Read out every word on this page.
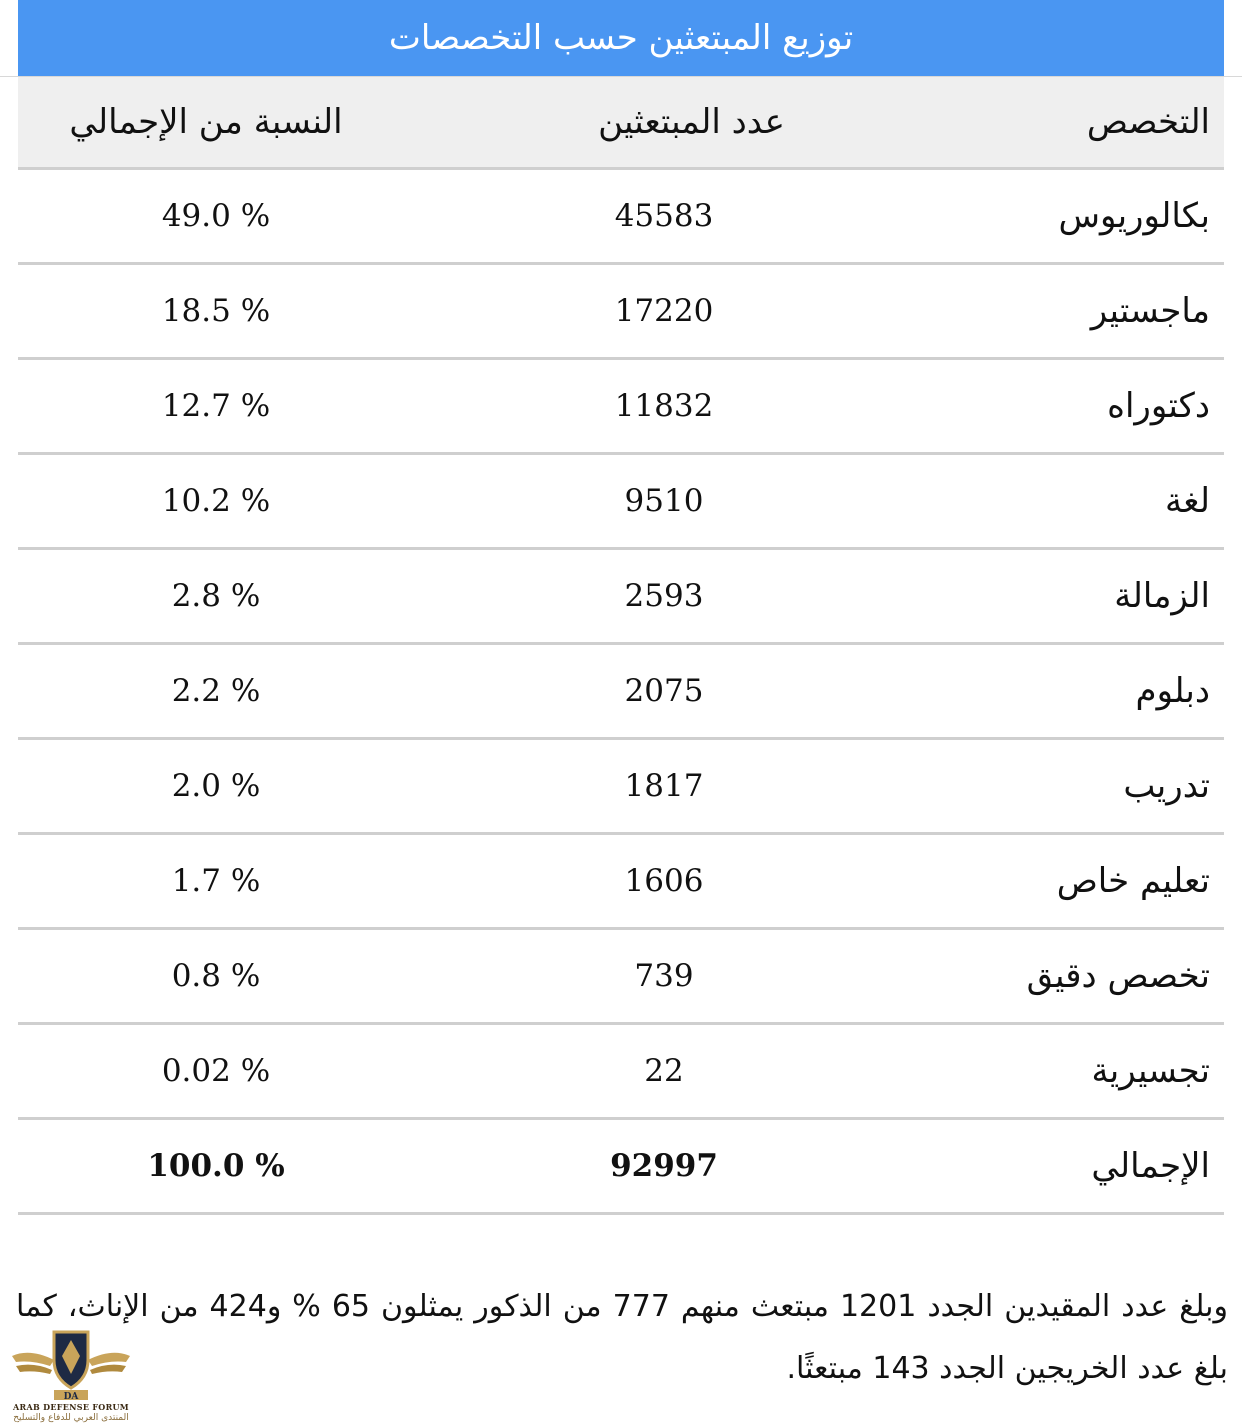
توزيع المبتعثين حسب التخصصات
التخصص
عدد المبتعثين
النسبة من الإجمالي
بكالوريوس
45583
49.0 %
ماجستير
17220
18.5 %
دكتوراه
11832
12.7 %
لغة
9510
10.2 %
الزمالة
2593
2.8 %
دبلوم
2075
2.2 %
تدريب
1817
2.0 %
تعليم خاص
1606
1.7 %
تخصص دقيق
739
0.8 %
تجسيرية
22
0.02 %
الإجمالي
92997
100.0 %
وبلغ عدد المقيدين الجدد 1201 مبتعث منهم 777 من الذكور يمثلون 65 % و424 من الإناث، كما بلغ عدد الخريجين الجدد 143 مبتعثًا.
DA
ARAB DEFENSE FORUM
المنتدى العربي للدفاع والتسليح
